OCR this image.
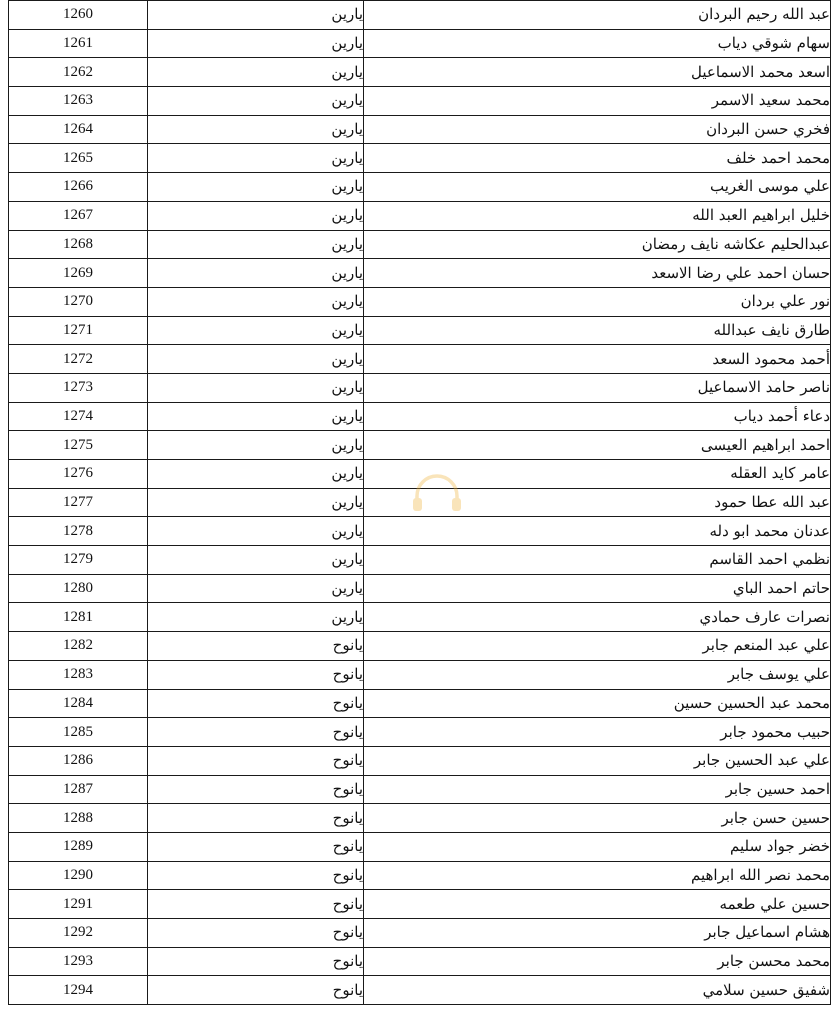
1260	يارين	عبد الله رحيم البردان
1261	يارين	سهام شوقي دياب
1262	يارين	اسعد محمد الاسماعيل
1263	يارين	محمد سعيد الاسمر
1264	يارين	فخري حسن البردان
1265	يارين	محمد احمد خلف
1266	يارين	علي موسى الغريب
1267	يارين	خليل ابراهيم العبد الله
1268	يارين	عبدالحليم عكاشه نايف رمضان
1269	يارين	حسان احمد علي رضا الاسعد
1270	يارين	نور علي بردان
1271	يارين	طارق نايف عبدالله
1272	يارين	أحمد محمود السعد
1273	يارين	ناصر حامد الاسماعيل
1274	يارين	دعاء أحمد دياب
1275	يارين	احمد ابراهيم العيسى
1276	يارين	عامر كايد العقله
1277	يارين	عبد الله عطا حمود
1278	يارين	عدنان محمد ابو دله
1279	يارين	نظمي احمد القاسم
1280	يارين	حاتم احمد الباي
1281	يارين	نصرات عارف حمادي
1282	يانوح	علي عبد المنعم جابر
1283	يانوح	علي يوسف جابر
1284	يانوح	محمد عبد الحسين حسين
1285	يانوح	حبيب محمود جابر
1286	يانوح	علي عبد الحسين جابر
1287	يانوح	احمد حسين جابر
1288	يانوح	حسين حسن جابر
1289	يانوح	خضر جواد سليم
1290	يانوح	محمد نصر الله ابراهيم
1291	يانوح	حسين علي طعمه
1292	يانوح	هشام اسماعيل جابر
1293	يانوح	محمد محسن جابر
1294	يانوح	شفيق حسين سلامي
